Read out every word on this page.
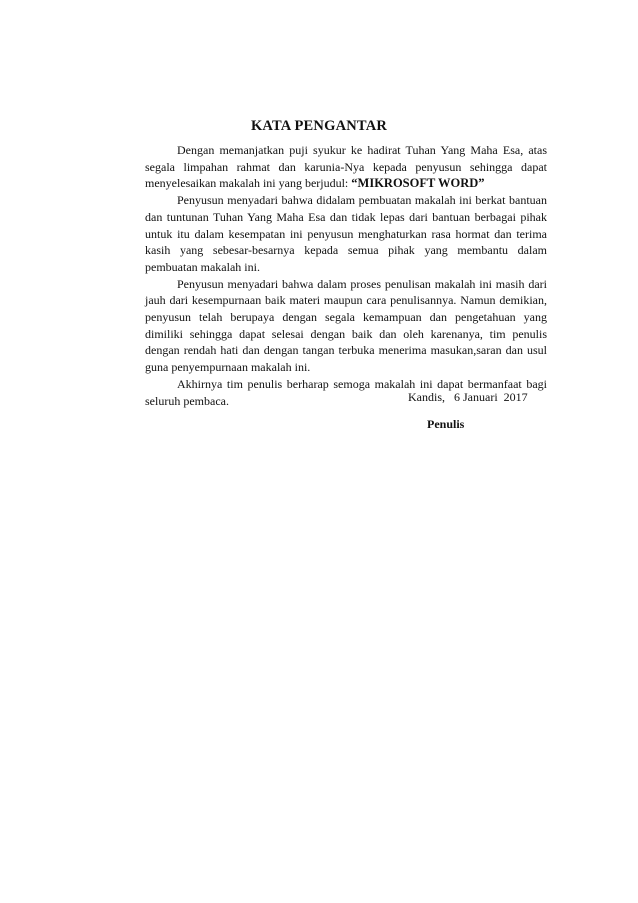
KATA PENGANTAR

Dengan memanjatkan puji syukur ke hadirat Tuhan Yang Maha Esa, atas segala limpahan rahmat dan karunia-Nya kepada penyusun sehingga dapat menyelesaikan makalah ini yang berjudul: “MIKROSOFT WORD”

Penyusun menyadari bahwa didalam pembuatan makalah ini berkat bantuan dan tuntunan Tuhan Yang Maha Esa dan tidak lepas dari bantuan berbagai pihak untuk itu dalam kesempatan ini penyusun menghaturkan rasa hormat dan terima kasih yang sebesar-besarnya kepada semua pihak yang membantu dalam pembuatan makalah ini.

Penyusun menyadari bahwa dalam proses penulisan makalah ini masih dari jauh dari kesempurnaan baik materi maupun cara penulisannya. Namun demikian, penyusun telah berupaya dengan segala kemampuan dan pengetahuan yang dimiliki sehingga dapat selesai dengan baik dan oleh karenanya, tim penulis dengan rendah hati dan dengan tangan terbuka menerima masukan,saran dan usul guna penyempurnaan makalah ini.

Akhirnya tim penulis berharap semoga makalah ini dapat bermanfaat bagi seluruh pembaca.	Kandis,   6 Januari  2017
Penulis
